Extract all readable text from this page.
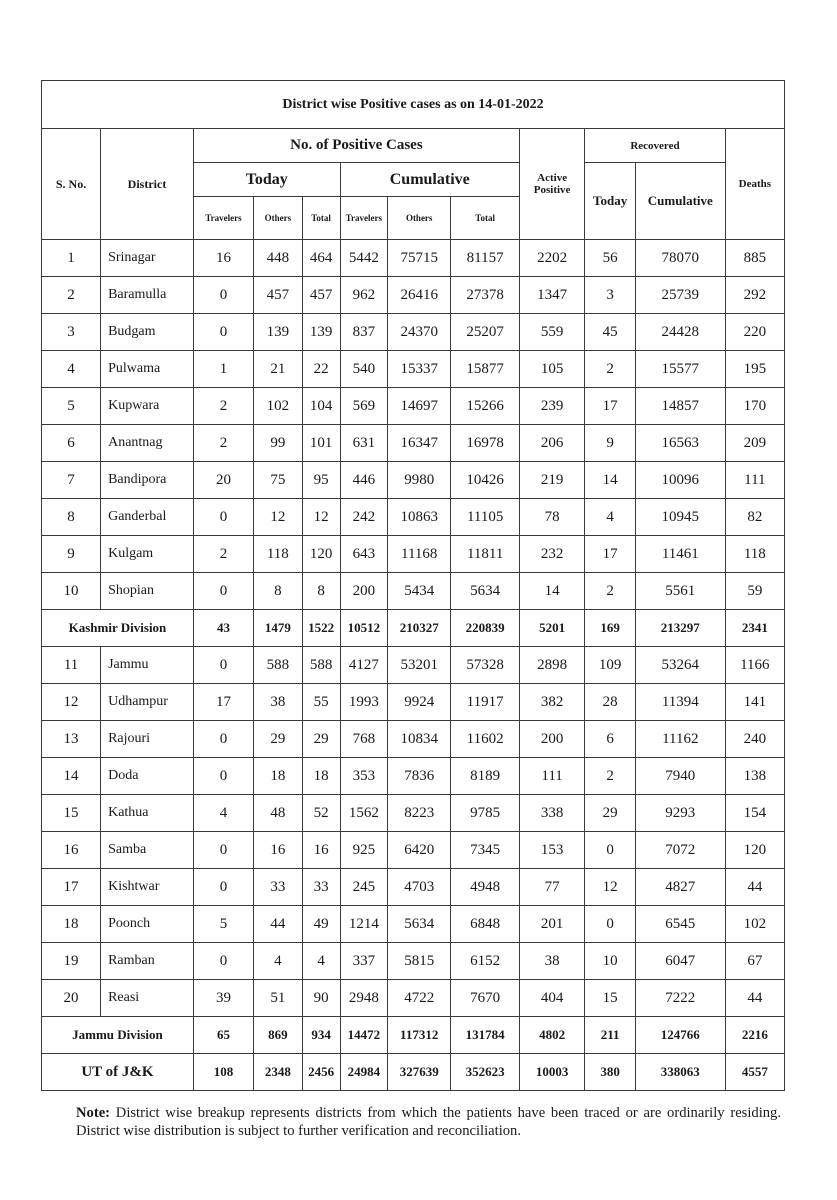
District wise Positive cases as on 14-01-2022											
S. No.	District	No. of Positive Cases						Active Positive	Recovered		Deaths
		Today			Cumulative				Today	Cumulative	
		Travelers	Others	Total	Travelers	Others	Total				
1	Srinagar	16	448	464	5442	75715	81157	2202	56	78070	885
2	Baramulla	0	457	457	962	26416	27378	1347	3	25739	292
3	Budgam	0	139	139	837	24370	25207	559	45	24428	220
4	Pulwama	1	21	22	540	15337	15877	105	2	15577	195
5	Kupwara	2	102	104	569	14697	15266	239	17	14857	170
6	Anantnag	2	99	101	631	16347	16978	206	9	16563	209
7	Bandipora	20	75	95	446	9980	10426	219	14	10096	111
8	Ganderbal	0	12	12	242	10863	11105	78	4	10945	82
9	Kulgam	2	118	120	643	11168	11811	232	17	11461	118
10	Shopian	0	8	8	200	5434	5634	14	2	5561	59
Kashmir Division		43	1479	1522	10512	210327	220839	5201	169	213297	2341
11	Jammu	0	588	588	4127	53201	57328	2898	109	53264	1166
12	Udhampur	17	38	55	1993	9924	11917	382	28	11394	141
13	Rajouri	0	29	29	768	10834	11602	200	6	11162	240
14	Doda	0	18	18	353	7836	8189	111	2	7940	138
15	Kathua	4	48	52	1562	8223	9785	338	29	9293	154
16	Samba	0	16	16	925	6420	7345	153	0	7072	120
17	Kishtwar	0	33	33	245	4703	4948	77	12	4827	44
18	Poonch	5	44	49	1214	5634	6848	201	0	6545	102
19	Ramban	0	4	4	337	5815	6152	38	10	6047	67
20	Reasi	39	51	90	2948	4722	7670	404	15	7222	44
Jammu Division		65	869	934	14472	117312	131784	4802	211	124766	2216
UT of J&K		108	2348	2456	24984	327639	352623	10003	380	338063	4557
Note: District wise breakup represents districts from which the patients have been traced or are ordinarily residing. District wise distribution is subject to further verification and reconciliation.
